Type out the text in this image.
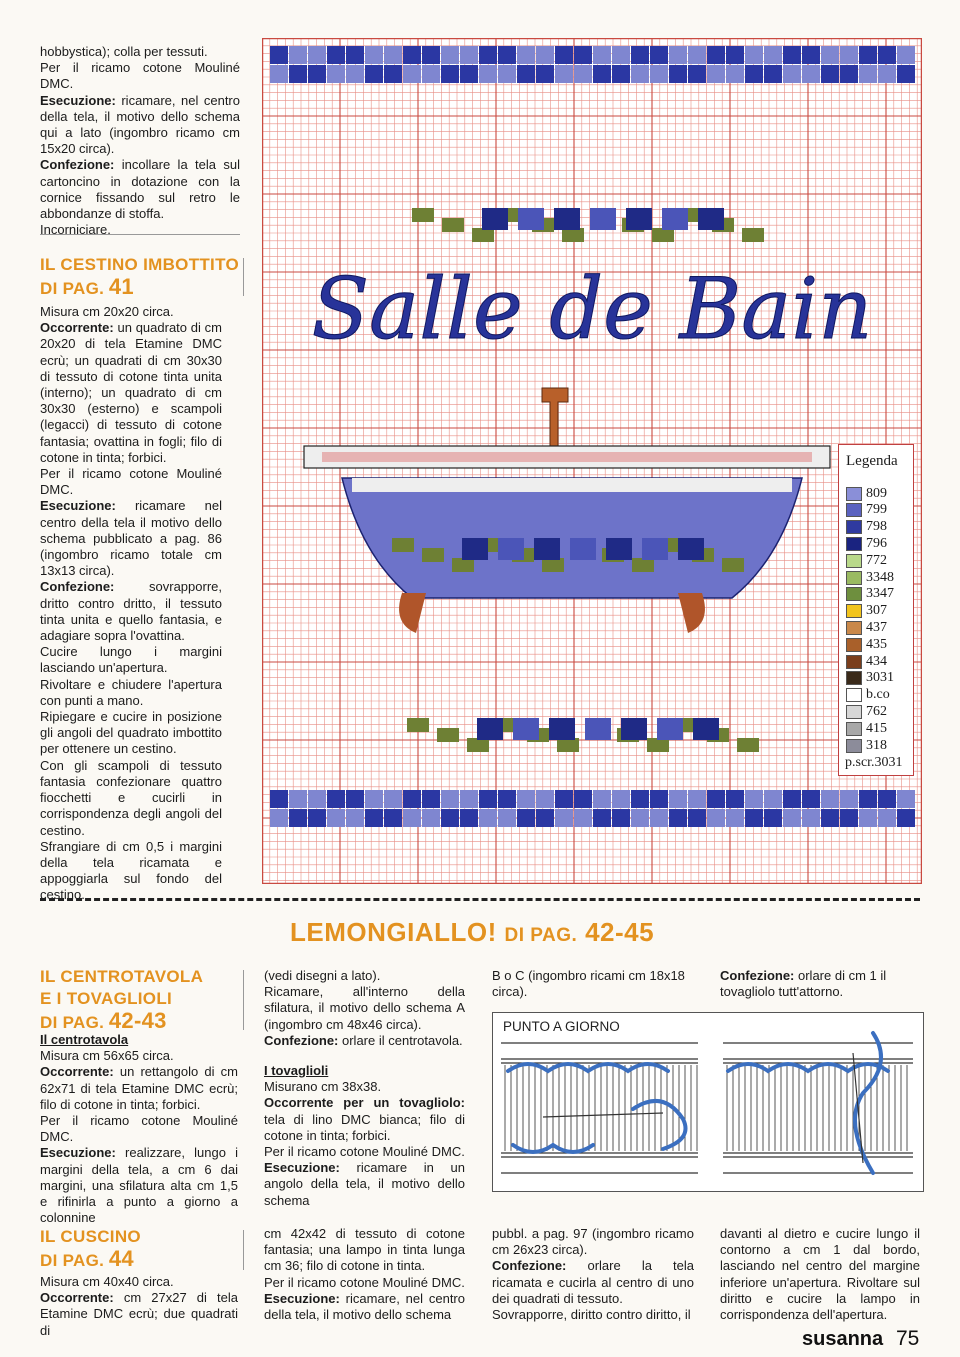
hobbystica); colla per tessuti.

Per il ricamo cotone Mouliné DMC.

Esecuzione: ricamare, nel centro della tela, il motivo dello schema qui a lato (ingombro ricamo cm 15x20 circa).

Confezione: incollare la tela sul cartoncino in dotazione con la cornice fissando sul retro le abbondanze di stoffa.

Incorniciare.

IL CESTINO IMBOTTITO
DI PAG. 41

Misura cm 20x20 circa.

Occorrente: un quadrato di cm 20x20 di tela Etamine DMC ecrù; un quadrati di cm 30x30 di tessuto di cotone tinta unita (interno); un quadrato di cm 30x30 (esterno) e scampoli (legacci) di tessuto di cotone fantasia; ovattina in fogli; filo di cotone in tinta; forbici.

Per il ricamo cotone Mouliné DMC.

Esecuzione: ricamare nel centro della tela il motivo dello schema pubblicato a pag. 86 (ingombro ricamo totale cm 13x13 circa).

Confezione: sovrapporre, dritto contro dritto, il tessuto tinta unita e quello fantasia, e adagiare sopra l'ovattina.

Cucire lungo i margini lasciando un'apertura.

Rivoltare e chiudere l'apertura con punti a mano.

Ripiegare e cucire in posizione gli angoli del quadrato imbottito per ottenere un cestino.

Con gli scampoli di tessuto fantasia confezionare quattro fiocchetti e cucirli in corrispondenza degli angoli del cestino.

Sfrangiare di cm 0,5 i margini della tela ricamata e appoggiarla sul fondo del cestino.

Salle de Bain
Legenda
809
799
798
796
772
3348
3347
307
437
435
434
3031
b.co
762
415
318
p.scr.3031
LEMONGIALLO! DI PAG. 42-45
IL CENTROTAVOLA
E I TOVAGLIOLI
DI PAG. 42-43

Il centrotavola

Misura cm 56x65 circa.

Occorrente: un rettangolo di cm 62x71 di tela Etamine DMC ecrù; filo di cotone in tinta; forbici.

Per il ricamo cotone Mouliné DMC.

Esecuzione: realizzare, lungo i margini della tela, a cm 6 dai margini, una sfilatura alta cm 1,5 e rifinirla a punto a giorno a colonnine

(vedi disegni a lato).

Ricamare, all'interno della sfilatura, il motivo dello schema A (ingombro cm 48x46 circa).

Confezione: orlare il centrotavola.

I tovaglioli

Misurano cm 38x38.

Occorrente per un tovagliolo: tela di lino DMC bianca; filo di cotone in tinta; forbici.

Per il ricamo cotone Mouliné DMC.

Esecuzione: ricamare in un angolo della tela, il motivo dello schema

B o C (ingombro ricami cm 18x18 circa).

Confezione: orlare di cm 1 il tovagliolo tutt'attorno.

PUNTO A GIORNO
IL CUSCINO
DI PAG. 44

Misura cm 40x40 circa.

Occorrente: cm 27x27 di tela Etamine DMC ecrù; due quadrati di

cm 42x42 di tessuto di cotone fantasia; una lampo in tinta lunga cm 36; filo di cotone in tinta.

Per il ricamo cotone Mouliné DMC.

Esecuzione: ricamare, nel centro della tela, il motivo dello schema

pubbl. a pag. 97 (ingombro ricamo cm 26x23 circa).

Confezione: orlare la tela ricamata e cucirla al centro di uno dei quadrati di tessuto.

Sovrapporre, diritto contro diritto, il

davanti al dietro e cucire lungo il contorno a cm 1 dal bordo, lasciando nel centro del margine inferiore un'apertura. Rivoltare sul diritto e cucire la lampo in corrispondenza dell'apertura.

susanna 75
